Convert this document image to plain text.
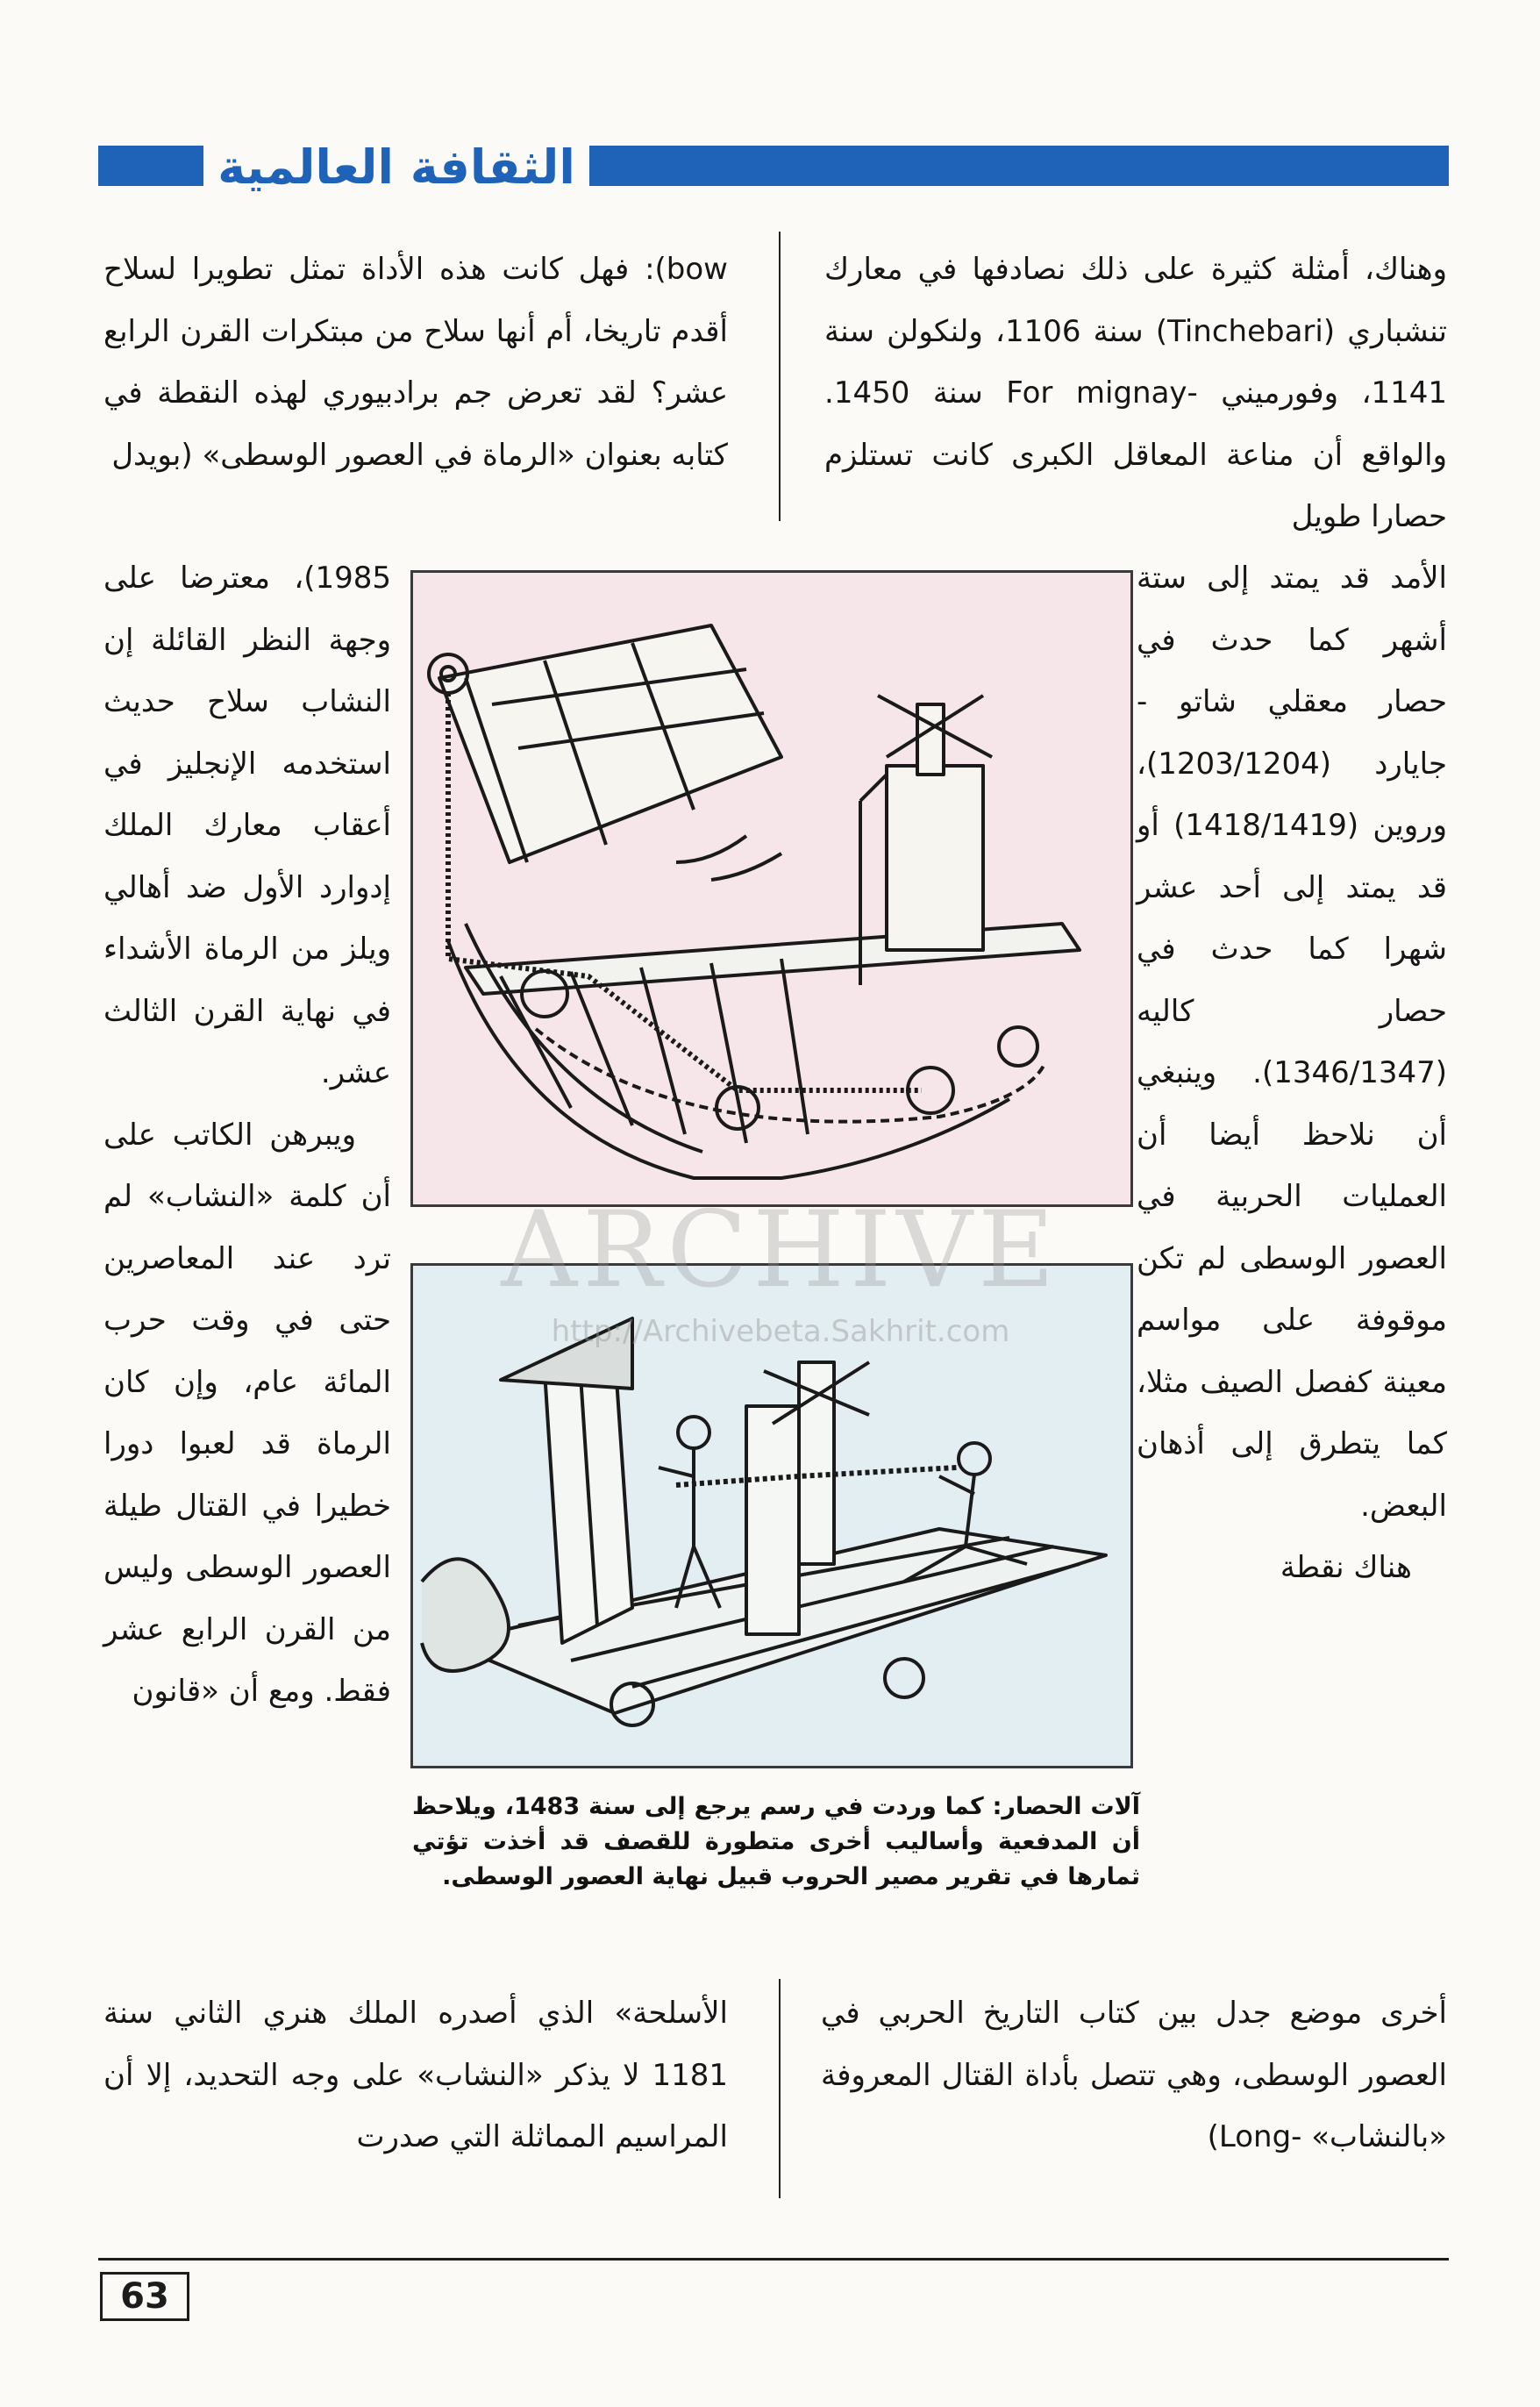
الثقافة العالمية

وهناك، أمثلة كثيرة على ذلك نصادفها في معارك تنشباري (Tinchebari) سنة 1106، ولنكولن سنة 1141، وفورميني -For mignay سنة 1450. والواقع أن مناعة المعاقل الكبرى كانت تستلزم حصارا طويل

الأمد قد يمتد إلى ستة أشهر كما حدث في حصار معقلي شاتو - جايارد (1203/1204)، وروين (1418/1419) أو قد يمتد إلى أحد عشر شهرا كما حدث في حصار كاليه (1346/1347). وينبغي أن نلاحظ أيضا أن العمليات الحربية في العصور الوسطى لم تكن موقوفة على مواسم معينة كفصل الصيف مثلا، كما يتطرق إلى أذهان البعض.

هناك نقطة

أخرى موضع جدل بين كتاب التاريخ الحربي في العصور الوسطى، وهي تتصل بأداة القتال المعروفة «بالنشاب» -Long)

bow): فهل كانت هذه الأداة تمثل تطويرا لسلاح أقدم تاريخا، أم أنها سلاح من مبتكرات القرن الرابع عشر؟ لقد تعرض جم برادبيوري لهذه النقطة في كتابه بعنوان «الرماة في العصور الوسطى» (بويدل

1985)، معترضا على وجهة النظر القائلة إن النشاب سلاح حديث استخدمه الإنجليز في أعقاب معارك الملك إدوارد الأول ضد أهالي ويلز من الرماة الأشداء في نهاية القرن الثالث عشر.

ويبرهن الكاتب على أن كلمة «النشاب» لم ترد عند المعاصرين حتى في وقت حرب المائة عام، وإن كان الرماة قد لعبوا دورا خطيرا في القتال طيلة العصور الوسطى وليس من القرن الرابع عشر فقط. ومع أن «قانون

الأسلحة» الذي أصدره الملك هنري الثاني سنة 1181 لا يذكر «النشاب» على وجه التحديد، إلا أن المراسيم المماثلة التي صدرت

آلات الحصار: كما وردت في رسم يرجع إلى سنة 1483، ويلاحظ أن المدفعية وأساليب أخرى متطورة للقصف قد أخذت تؤتي ثمارها في تقرير مصير الحروب قبيل نهاية العصور الوسطى.
ARCHIVE
http://Archivebeta.Sakhrit.com
63
